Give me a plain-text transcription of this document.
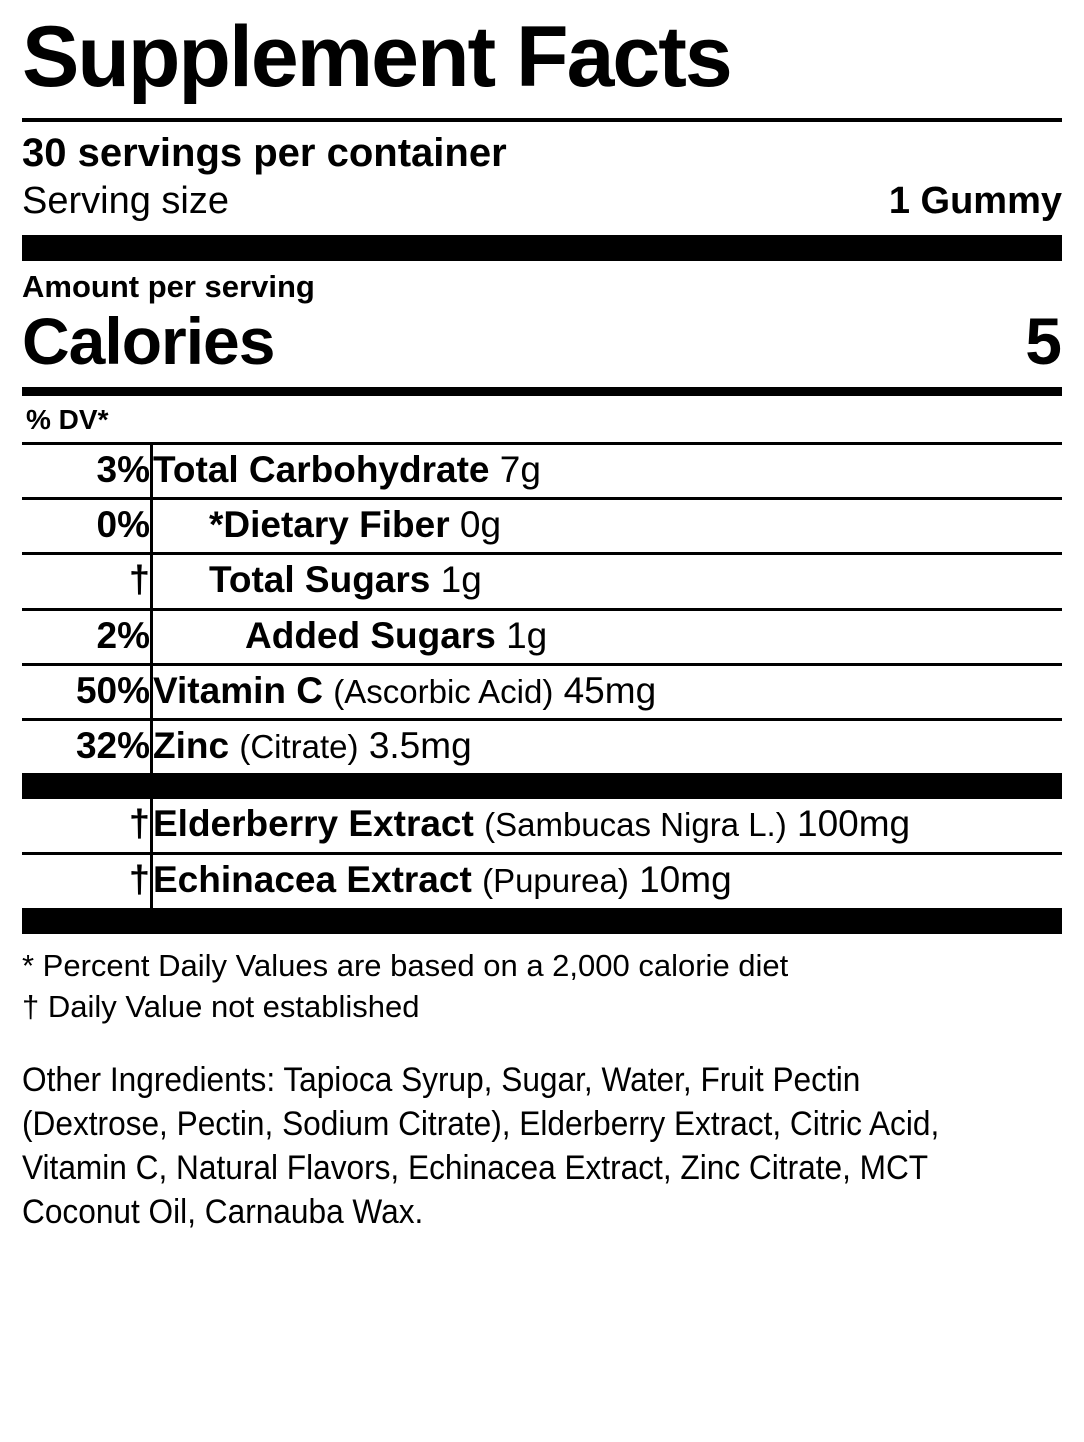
Supplement Facts
30 servings per container
Serving size	1 Gummy
Amount per serving
Calories	5
% DV*
3%	Total Carbohydrate 7g
0%	*Dietary Fiber 0g
†	Total Sugars 1g
2%	Added Sugars 1g
50%	Vitamin C (Ascorbic Acid) 45mg
32%	Zinc (Citrate) 3.5mg
†	Elderberry Extract (Sambucas Nigra L.) 100mg
†	Echinacea Extract (Pupurea) 10mg
* Percent Daily Values are based on a 2,000 calorie diet
† Daily Value not established
Other Ingredients: Tapioca Syrup, Sugar, Water, Fruit Pectin (Dextrose, Pectin, Sodium Citrate), Elderberry Extract, Citric Acid, Vitamin C, Natural Flavors, Echinacea Extract, Zinc Citrate, MCT Coconut Oil, Carnauba Wax.
